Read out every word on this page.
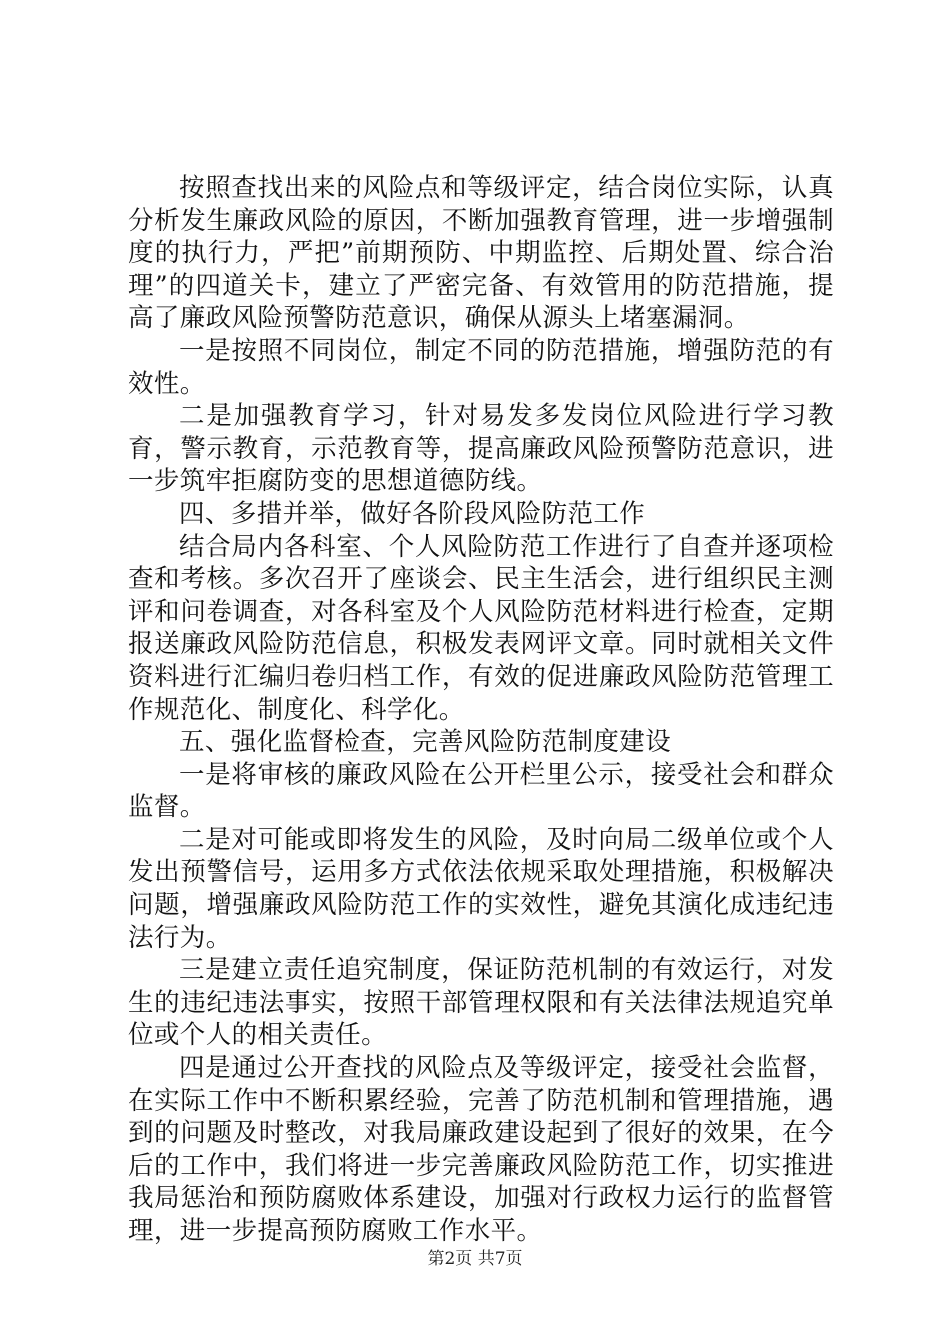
按照查找出来的风险点和等级评定，结合岗位实际，认真分析发生廉政风险的原因，不断加强教育管理，进一步增强制度的执行力，严把”前期预防、中期监控、后期处置、综合治理”的四道关卡，建立了严密完备、有效管用的防范措施，提高了廉政风险预警防范意识，确保从源头上堵塞漏洞。

一是按照不同岗位，制定不同的防范措施，增强防范的有效性。

二是加强教育学习，针对易发多发岗位风险进行学习教育，警示教育，示范教育等，提高廉政风险预警防范意识，进一步筑牢拒腐防变的思想道德防线。

四、多措并举，做好各阶段风险防范工作

结合局内各科室、个人风险防范工作进行了自查并逐项检查和考核。多次召开了座谈会、民主生活会，进行组织民主测评和问卷调查，对各科室及个人风险防范材料进行检查，定期报送廉政风险防范信息，积极发表网评文章。同时就相关文件资料进行汇编归卷归档工作，有效的促进廉政风险防范管理工作规范化、制度化、科学化。

五、强化监督检查，完善风险防范制度建设

一是将审核的廉政风险在公开栏里公示，接受社会和群众监督。

二是对可能或即将发生的风险，及时向局二级单位或个人发出预警信号，运用多方式依法依规采取处理措施，积极解决问题，增强廉政风险防范工作的实效性，避免其演化成违纪违法行为。

三是建立责任追究制度，保证防范机制的有效运行，对发生的违纪违法事实，按照干部管理权限和有关法律法规追究单位或个人的相关责任。

四是通过公开查找的风险点及等级评定，接受社会监督，在实际工作中不断积累经验，完善了防范机制和管理措施，遇到的问题及时整改，对我局廉政建设起到了很好的效果，在今后的工作中，我们将进一步完善廉政风险防范工作，切实推进我局惩治和预防腐败体系建设，加强对行政权力运行的监督管理，进一步提高预防腐败工作水平。

第2页 共7页
